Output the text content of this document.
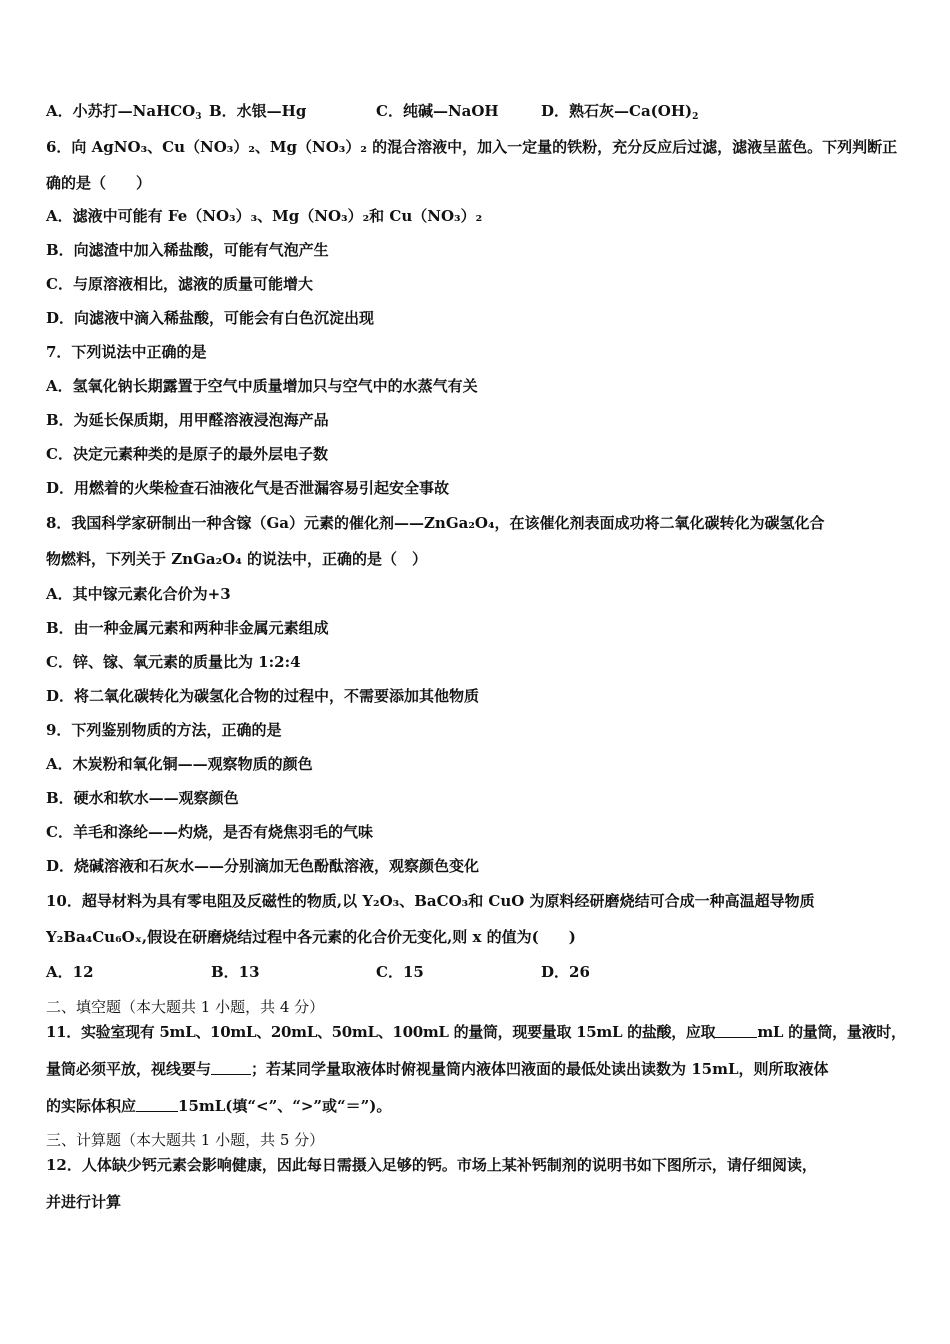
A．小苏打—NaHCO$_3$ B．水银—Hg	C．纯碱—NaOH	D．熟石灰$—Ca(OH)_2$
6．向 AgNO₃、Cu（NO₃）₂、Mg（NO₃）₂ 的混合溶液中，加入一定量的铁粉，充分反应后过滤，滤液呈蓝色。下列判断正
确的是（　　）
A．滤液中可能有 Fe（NO₃）₃、Mg（NO₃）₂和 Cu（NO₃）₂
B．向滤渣中加入稀盐酸，可能有气泡产生
C．与原溶液相比，滤液的质量可能增大
D．向滤液中滴入稀盐酸，可能会有白色沉淀出现
7．下列说法中正确的是
A．氢氧化钠长期露置于空气中质量增加只与空气中的水蒸气有关
B．为延长保质期，用甲醛溶液浸泡海产品
C．决定元素种类的是原子的最外层电子数
D．用燃着的火柴检查石油液化气是否泄漏容易引起安全事故
8．我国科学家研制出一种含镓（Ga）元素的催化剂——ZnGa₂O₄，在该催化剂表面成功将二氧化碳转化为碳氢化合
物燃料，下列关于 ZnGa₂O₄ 的说法中，正确的是（　）
A．其中镓元素化合价为+3
B．由一种金属元素和两种非金属元素组成
C．锌、镓、氧元素的质量比为 1:2:4
D．将二氧化碳转化为碳氢化合物的过程中，不需要添加其他物质
9．下列鉴别物质的方法，正确的是
A．木炭粉和氧化铜——观察物质的颜色
B．硬水和软水——观察颜色
C．羊毛和涤纶——灼烧，是否有烧焦羽毛的气味
D．烧碱溶液和石灰水——分别滴加无色酚酞溶液，观察颜色变化
10．超导材料为具有零电阻及反磁性的物质,以 Y₂O₃、BaCO₃和 CuO 为原料经研磨烧结可合成一种高温超导物质
Y₂Ba₄Cu₆Oₓ,假设在研磨烧结过程中各元素的化合价无变化,则 x 的值为(　　)
A．12	B．13	C．15	D．26
二、填空题（本大题共 1 小题，共 4 分）
11．实验室现有 5mL、10mL、20mL、50mL、100mL 的量筒，现要量取 15mL 的盐酸，应取	mL 的量筒，量液时，
量筒必须平放，视线要与	；若某同学量取液体时俯视量筒内液体凹液面的最低处读出读数为 15mL，则所取液体
的实际体积应	15mL(填“<”、“>”或“＝”)。
三、计算题（本大题共 1 小题，共 5 分）
12．人体缺少钙元素会影响健康，因此每日需摄入足够的钙。市场上某补钙制剂的说明书如下图所示，请仔细阅读，
并进行计算
